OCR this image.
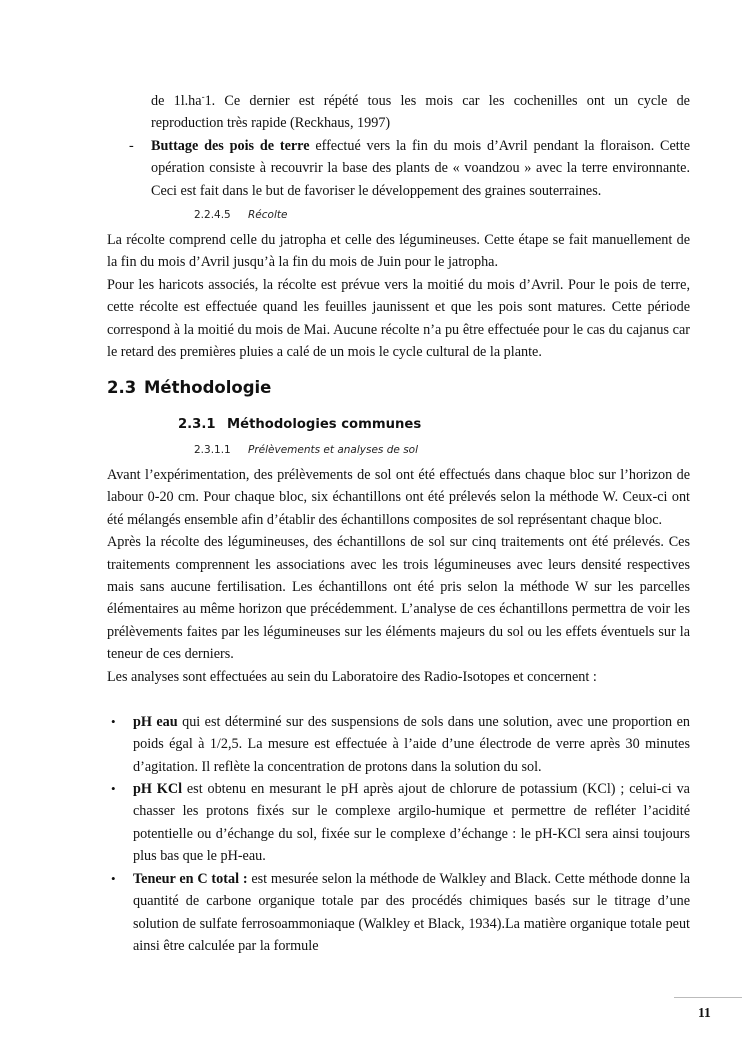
de 1l.ha-1. Ce dernier est répété tous les mois car les cochenilles ont un cycle de

reproduction très rapide (Reckhaus, 1997)

- Buttage des pois de terre effectué vers la fin du mois d’Avril pendant la floraison. Cette

opération consiste à recouvrir la base des plants de « voandzou » avec la terre environnante.

Ceci est fait dans le but de favoriser le développement des graines souterraines.

2.2.4.5 Récolte

La récolte comprend celle du jatropha et celle des légumineuses. Cette étape se fait manuellement de la fin du mois d’Avril jusqu’à la fin du mois de Juin pour le jatropha.

Pour les haricots associés, la récolte est prévue vers la moitié du mois d’Avril. Pour le pois de terre, cette récolte est effectuée quand les feuilles jaunissent et que les pois sont matures. Cette période correspond à la moitié du mois de Mai. Aucune récolte n’a pu être effectuée pour le cas du cajanus car le retard des premières pluies a calé de un mois le cycle cultural de la plante.

2.3 Méthodologie
2.3.1 Méthodologies communes
2.3.1.1 Prélèvements et analyses de sol

Avant l’expérimentation, des prélèvements de sol ont été effectués dans chaque bloc sur l’horizon de labour 0-20 cm. Pour chaque bloc, six échantillons ont été prélevés selon la méthode W. Ceux-ci ont été mélangés ensemble afin d’établir des échantillons composites de sol représentant chaque bloc.

Après la récolte des légumineuses, des échantillons de sol sur cinq traitements ont été prélevés. Ces traitements comprennent les associations avec les trois légumineuses avec leurs densité respectives mais sans aucune fertilisation. Les échantillons ont été pris selon la méthode W sur les parcelles élémentaires au même horizon que précédemment. L’analyse de ces échantillons permettra de voir les prélèvements faites par les légumineuses sur les éléments majeurs du sol ou les effets éventuels sur la teneur de ces derniers.

Les analyses sont effectuées au sein du Laboratoire des Radio-Isotopes et concernent :

• pH eau qui est déterminé sur des suspensions de sols dans une solution, avec une proportion en poids égal à 1/2,5. La mesure est effectuée à l’aide d’une électrode de verre après 30 minutes d’agitation. Il reflète la concentration de protons dans la solution du sol.

• pH KCl est obtenu en mesurant le pH après ajout de chlorure de potassium (KCl) ; celui-ci va chasser les protons fixés sur le complexe argilo-humique et permettre de refléter l’acidité potentielle ou d’échange du sol, fixée sur le complexe d’échange : le pH-KCl sera ainsi toujours plus bas que le pH-eau.

• Teneur en C total : est mesurée selon la méthode de Walkley and Black. Cette méthode donne la quantité de carbone organique totale par des procédés chimiques basés sur le titrage d’une solution de sulfate ferrosoammoniaque (Walkley et Black, 1934).La matière organique totale peut ainsi être calculée par la formule

11
